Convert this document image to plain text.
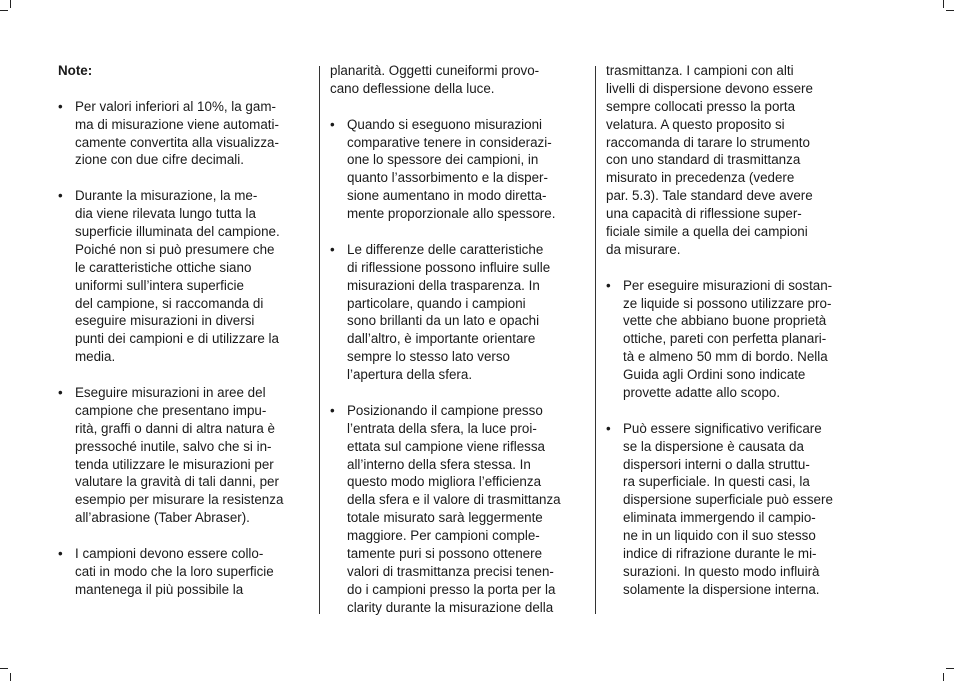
Note:
• Per valori inferiori al 10%, la gam-
ma di misurazione viene automati-
camente convertita alla visualizza-
zione con due cifre decimali.
• Durante la misurazione, la me-
dia viene rilevata lungo tutta la
superficie illuminata del campione.
Poiché non si può presumere che
le caratteristiche ottiche siano
uniformi sull’intera superficie
del campione, si raccomanda di
eseguire misurazioni in diversi
punti dei campioni e di utilizzare la
media.
• Eseguire misurazioni in aree del
campione che presentano impu-
rità, graffi o danni di altra natura è
pressoché inutile, salvo che si in-
tenda utilizzare le misurazioni per
valutare la gravità di tali danni, per
esempio per misurare la resistenza
all’abrasione (Taber Abraser).
• I campioni devono essere collo-
cati in modo che la loro superficie
mantenega il più possibile la
planarità. Oggetti cuneiformi provo-
cano deflessione della luce.
• Quando si eseguono misurazioni
comparative tenere in considerazi-
one lo spessore dei campioni, in
quanto l’assorbimento e la disper-
sione aumentano in modo diretta-
mente proporzionale allo spessore.
• Le differenze delle caratteristiche
di riflessione possono influire sulle
misurazioni della trasparenza. In
particolare, quando i campioni
sono brillanti da un lato e opachi
dall’altro, è importante orientare
sempre lo stesso lato verso
l’apertura della sfera.
• Posizionando il campione presso
l’entrata della sfera, la luce proi-
ettata sul campione viene riflessa
all’interno della sfera stessa. In
questo modo migliora l’efficienza
della sfera e il valore di trasmittanza
totale misurato sarà leggermente
maggiore. Per campioni comple-
tamente puri si possono ottenere
valori di trasmittanza precisi tenen-
do i campioni presso la porta per la
clarity durante la misurazione della
trasmittanza. I campioni con alti
livelli di dispersione devono essere
sempre collocati presso la porta
velatura. A questo proposito si
raccomanda di tarare lo strumento
con uno standard di trasmittanza
misurato in precedenza (vedere
par. 5.3). Tale standard deve avere
una capacità di riflessione super-
ficiale simile a quella dei campioni
da misurare.
• Per eseguire misurazioni di sostan-
ze liquide si possono utilizzare pro-
vette che abbiano buone proprietà
ottiche, pareti con perfetta planari-
tà e almeno 50 mm di bordo. Nella
Guida agli Ordini sono indicate
provette adatte allo scopo.
• Può essere significativo verificare
se la dispersione è causata da
dispersori interni o dalla struttu-
ra superficiale. In questi casi, la
dispersione superficiale può essere
eliminata immergendo il campio-
ne in un liquido con il suo stesso
indice di rifrazione durante le mi-
surazioni. In questo modo influirà
solamente la dispersione interna.
